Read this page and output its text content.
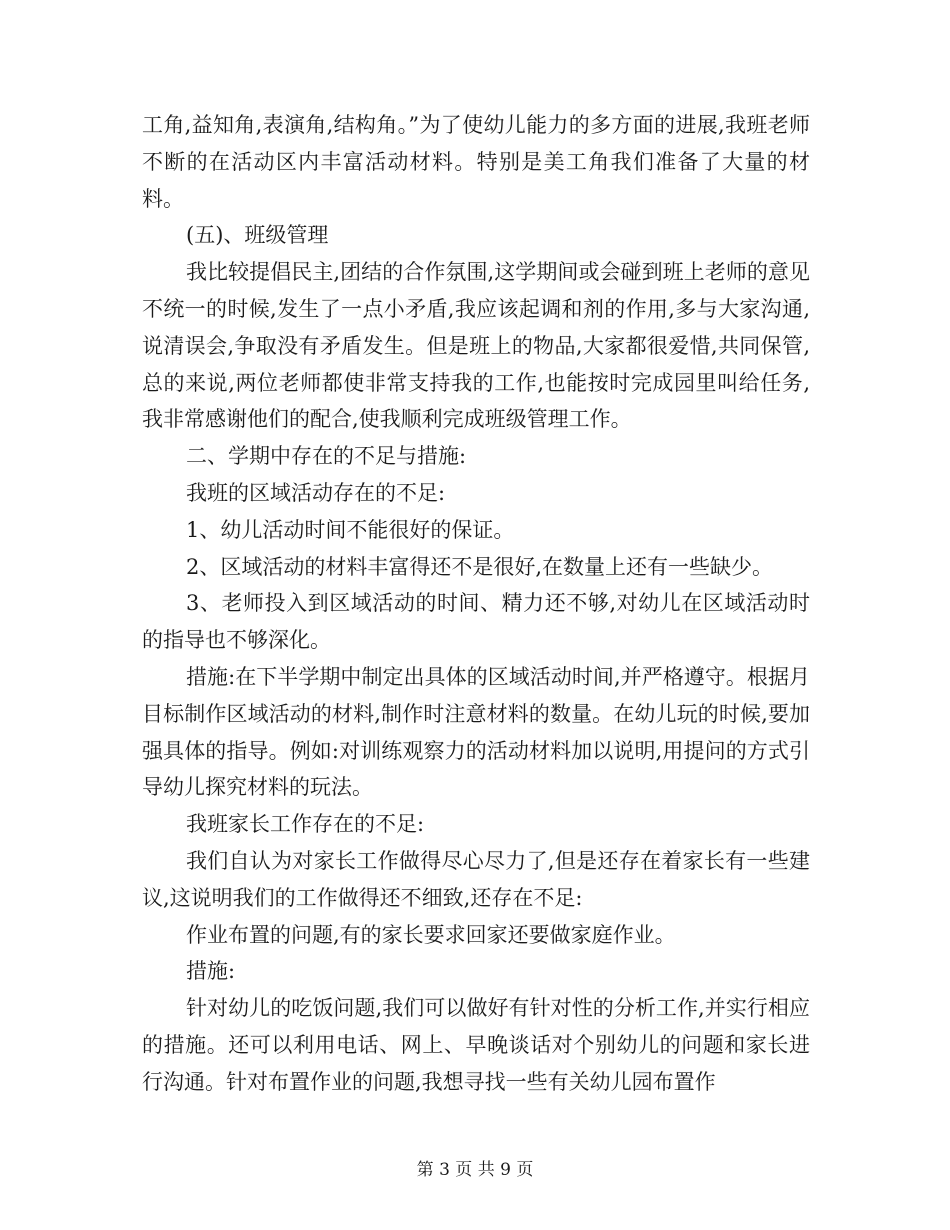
工角,益知角,表演角,结构角。”为了使幼儿能力的多方面的进展,我班老师不断的在活动区内丰富活动材料。特别是美工角我们准备了大量的材料。

(五)、班级管理

我比较提倡民主,团结的合作氛围,这学期间或会碰到班上老师的意见不统一的时候,发生了一点小矛盾,我应该起调和剂的作用,多与大家沟通,说清误会,争取没有矛盾发生。但是班上的物品,大家都很爱惜,共同保管,总的来说,两位老师都使非常支持我的工作,也能按时完成园里叫给任务,我非常感谢他们的配合,使我顺利完成班级管理工作。

二、学期中存在的不足与措施:

我班的区域活动存在的不足:

1、幼儿活动时间不能很好的保证。

2、区域活动的材料丰富得还不是很好,在数量上还有一些缺少。

3、老师投入到区域活动的时间、精力还不够,对幼儿在区域活动时的指导也不够深化。

措施:在下半学期中制定出具体的区域活动时间,并严格遵守。根据月目标制作区域活动的材料,制作时注意材料的数量。在幼儿玩的时候,要加强具体的指导。例如:对训练观察力的活动材料加以说明,用提问的方式引导幼儿探究材料的玩法。

我班家长工作存在的不足:

我们自认为对家长工作做得尽心尽力了,但是还存在着家长有一些建议,这说明我们的工作做得还不细致,还存在不足:

作业布置的问题,有的家长要求回家还要做家庭作业。

措施:

针对幼儿的吃饭问题,我们可以做好有针对性的分析工作,并实行相应的措施。还可以利用电话、网上、早晚谈话对个别幼儿的问题和家长进行沟通。针对布置作业的问题,我想寻找一些有关幼儿园布置作

第 3 页 共 9 页
